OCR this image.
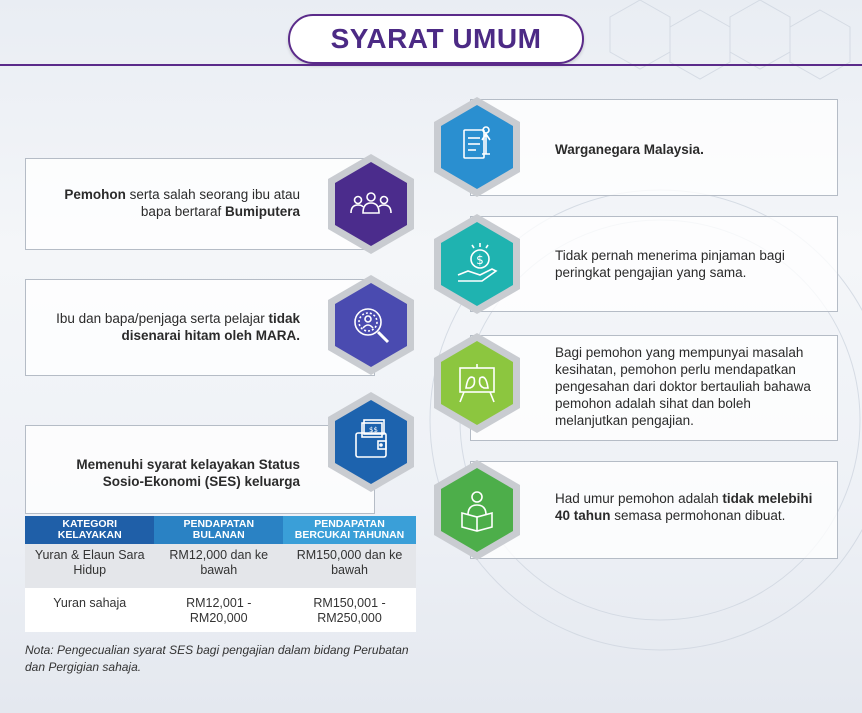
SYARAT UMUM
Warganegara Malaysia.
Pemohon serta salah seorang ibu atau bapa bertaraf Bumiputera
Tidak pernah menerima pinjaman bagi peringkat pengajian yang sama.
Ibu dan bapa/penjaga serta pelajar tidak disenarai hitam oleh MARA.
Bagi pemohon yang mempunyai masalah kesihatan, pemohon perlu mendapatkan pengesahan dari doktor bertauliah bahawa pemohon adalah sihat dan boleh melanjutkan pengajian.
Memenuhi syarat kelayakan Status Sosio-Ekonomi (SES) keluarga
Had umur pemohon adalah tidak melebihi 40 tahun semasa permohonan dibuat.
$
$$
KATEGORI KELAYAKAN	PENDAPATAN BULANAN	PENDAPATAN BERCUKAI TAHUNAN
Yuran & Elaun Sara Hidup	RM12,000 dan ke bawah	RM150,000 dan ke bawah
Yuran sahaja	RM12,001 - RM20,000	RM150,001 - RM250,000
Nota: Pengecualian syarat SES bagi pengajian dalam bidang Perubatan dan Pergigian sahaja.
